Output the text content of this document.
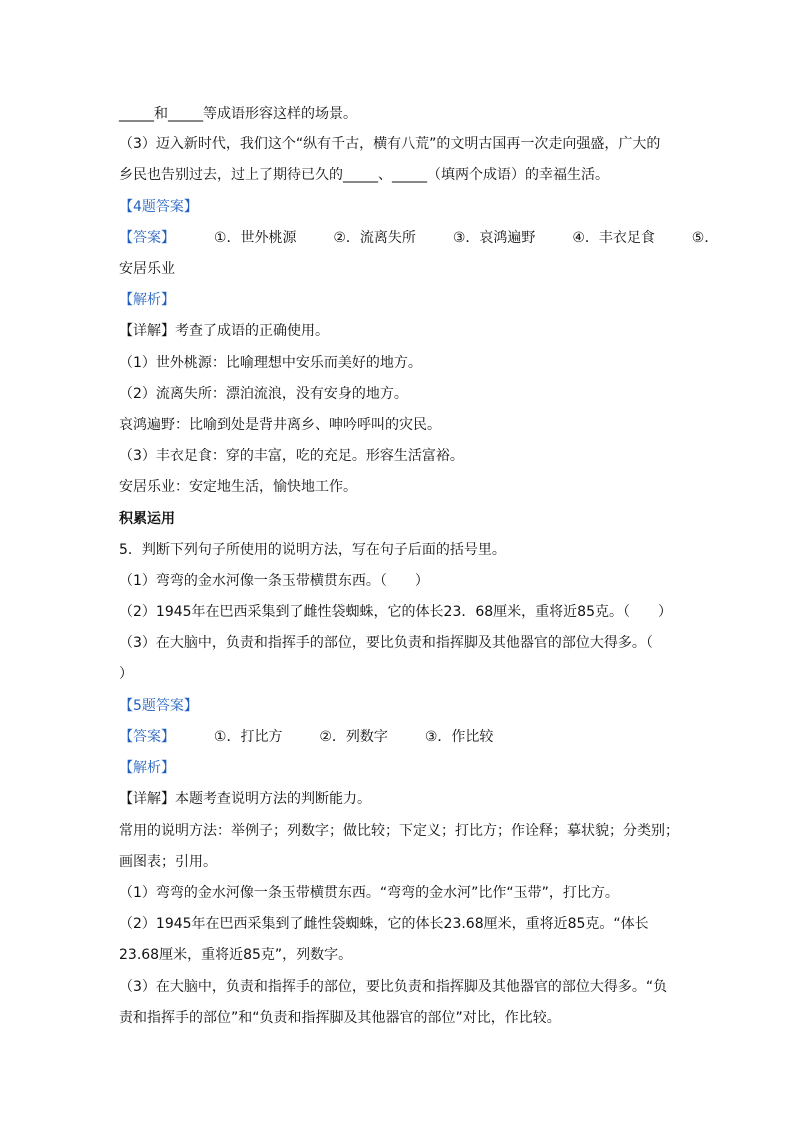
_____和_____等成语形容这样的场景。
（3）迈入新时代，我们这个“纵有千古，横有八荒”的文明古国再一次走向强盛，广大的
乡民也告别过去，过上了期待已久的_____、_____（填两个成语）的幸福生活。
【4题答案】
【答案】	①．世外桃源	②．流离失所	③．哀鸿遍野	④．丰衣足食	⑤．
安居乐业
【解析】
【详解】考查了成语的正确使用。
（1）世外桃源：比喻理想中安乐而美好的地方。
（2）流离失所：漂泊流浪，没有安身的地方。
哀鸿遍野：比喻到处是背井离乡、呻吟呼叫的灾民。
（3）丰衣足食：穿的丰富，吃的充足。形容生活富裕。
安居乐业：安定地生活，愉快地工作。
积累运用
5．判断下列句子所使用的说明方法，写在句子后面的括号里。
（1）弯弯的金水河像一条玉带横贯东西。（　　）
（2）1945年在巴西采集到了雌性袋蜘蛛，它的体长23．68厘米，重将近85克。（　　）
（3）在大脑中，负责和指挥手的部位，要比负责和指挥脚及其他器官的部位大得多。（
）
【5题答案】
【答案】	①．打比方	②．列数字	③．作比较
【解析】
【详解】本题考查说明方法的判断能力。
常用的说明方法：举例子；列数字；做比较；下定义；打比方；作诠释；摹状貌；分类别；
画图表；引用。
（1）弯弯的金水河像一条玉带横贯东西。“弯弯的金水河”比作“玉带”，打比方。
（2）1945年在巴西采集到了雌性袋蜘蛛，它的体长23.68厘米，重将近85克。“体长
23.68厘米，重将近85克”，列数字。
（3）在大脑中，负责和指挥手的部位，要比负责和指挥脚及其他器官的部位大得多。“负
责和指挥手的部位”和“负责和指挥脚及其他器官的部位”对比，作比较。
